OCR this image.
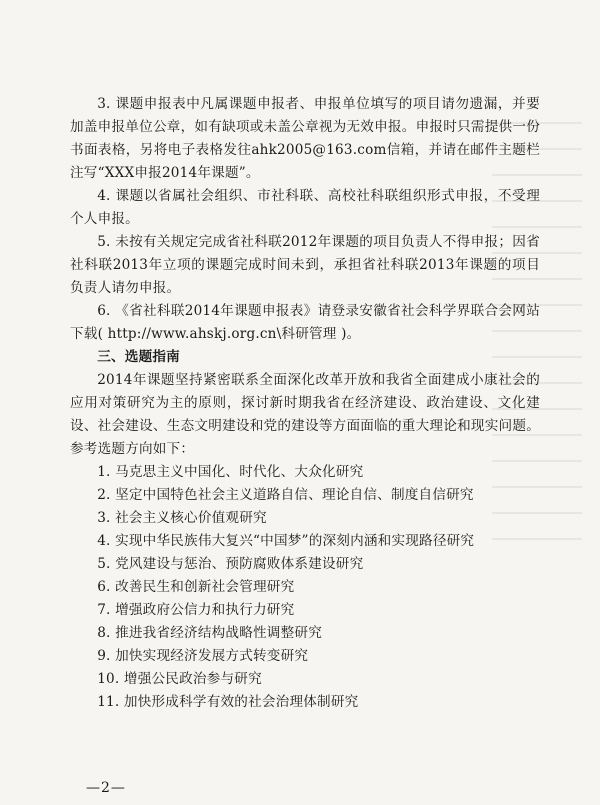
3. 课题申报表中凡属课题申报者、申报单位填写的项目请勿遗漏，并要加盖申报单位公章，如有缺项或未盖公章视为无效申报。申报时只需提供一份书面表格，另将电子表格发往ahk2005@163.com信箱，并请在邮件主题栏注写“XXX申报2014年课题”。

4. 课题以省属社会组织、市社科联、高校社科联组织形式申报，不受理个人申报。

5. 未按有关规定完成省社科联2012年课题的项目负责人不得申报；因省社科联2013年立项的课题完成时间未到，承担省社科联2013年课题的项目负责人请勿申报。

6. 《省社科联2014年课题申报表》请登录安徽省社会科学界联合会网站下载( http://www.ahskj.org.cn\科研管理 )。

三、选题指南

2014年课题坚持紧密联系全面深化改革开放和我省全面建成小康社会的应用对策研究为主的原则，探讨新时期我省在经济建设、政治建设、文化建设、社会建设、生态文明建设和党的建设等方面面临的重大理论和现实问题。参考选题方向如下：

1. 马克思主义中国化、时代化、大众化研究
2. 坚定中国特色社会主义道路自信、理论自信、制度自信研究
3. 社会主义核心价值观研究
4. 实现中华民族伟大复兴“中国梦”的深刻内涵和实现路径研究
5. 党风建设与惩治、预防腐败体系建设研究
6. 改善民生和创新社会管理研究
7. 增强政府公信力和执行力研究
8. 推进我省经济结构战略性调整研究
9. 加快实现经济发展方式转变研究
10. 增强公民政治参与研究
11. 加快形成科学有效的社会治理体制研究
—2—
